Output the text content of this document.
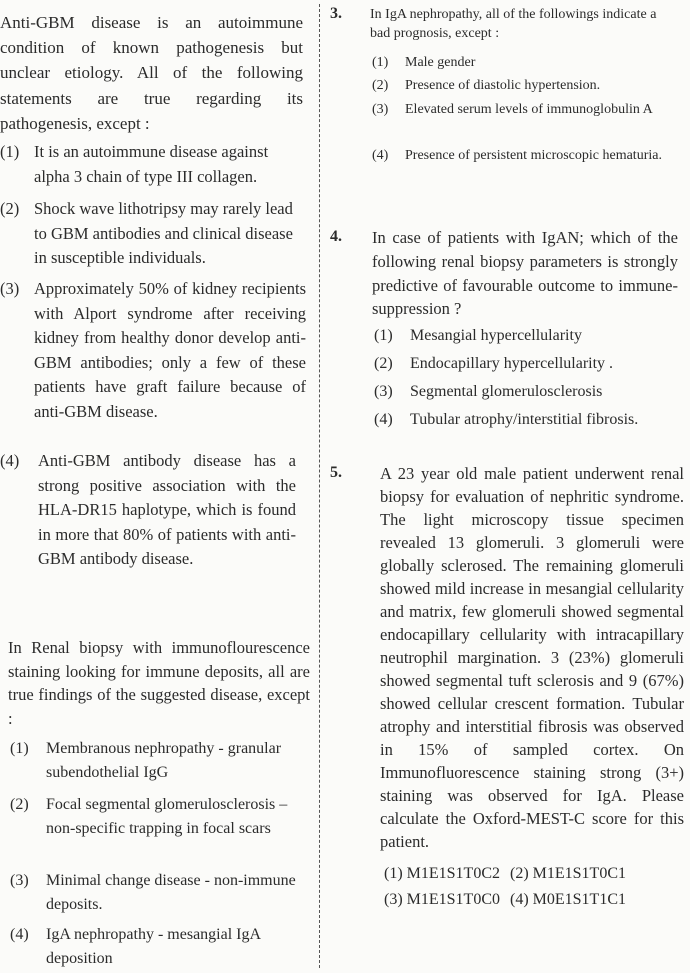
Anti-GBM disease is an autoimmune condition of known pathogenesis but unclear etiology. All of the following statements are true regarding its pathogenesis, except :
(1) It is an autoimmune disease against alpha 3 chain of type III collagen.
(2) Shock wave lithotripsy may rarely lead to GBM antibodies and clinical disease in susceptible individuals.
(3) Approximately 50% of kidney recipients with Alport syndrome after receiving kidney from healthy donor develop anti-GBM antibodies; only a few of these patients have graft failure because of anti-GBM disease.
(4) Anti-GBM antibody disease has a strong positive association with the HLA-DR15 haplotype, which is found in more that 80% of patients with anti-GBM antibody disease.
In Renal biopsy with immunoflourescence staining looking for immune deposits, all are true findings of the suggested disease, except :
(1) Membranous nephropathy - granular subendothelial IgG
(2) Focal segmental glomerulosclerosis – non-specific trapping in focal scars
(3) Minimal change disease - non-immune deposits.
(4) IgA nephropathy - mesangial IgA deposition
3. In IgA nephropathy, all of the followings indicate a bad prognosis, except :
(1) Male gender
(2) Presence of diastolic hypertension.
(3) Elevated serum levels of immunoglobulin A
(4) Presence of persistent microscopic hematuria.
4. In case of patients with IgAN; which of the following renal biopsy parameters is strongly predictive of favourable outcome to immune-suppression ?
(1) Mesangial hypercellularity
(2) Endocapillary hypercellularity .
(3) Segmental glomerulosclerosis
(4) Tubular atrophy/interstitial fibrosis.
5. A 23 year old male patient underwent renal biopsy for evaluation of nephritic syndrome. The light microscopy tissue specimen revealed 13 glomeruli. 3 glomeruli were globally sclerosed. The remaining glomeruli showed mild increase in mesangial cellularity and matrix, few glomeruli showed segmental endocapillary cellularity with intracapillary neutrophil margination. 3 (23%) glomeruli showed segmental tuft sclerosis and 9 (67%) showed cellular crescent formation. Tubular atrophy and interstitial fibrosis was observed in 15% of sampled cortex. On Immunofluorescence staining strong (3+) staining was observed for IgA. Please calculate the Oxford-MEST-C score for this patient.
(1) M1E1S1T0C2 (2) M1E1S1T0C1
(3) M1E1S1T0C0 (4) M0E1S1T1C1
